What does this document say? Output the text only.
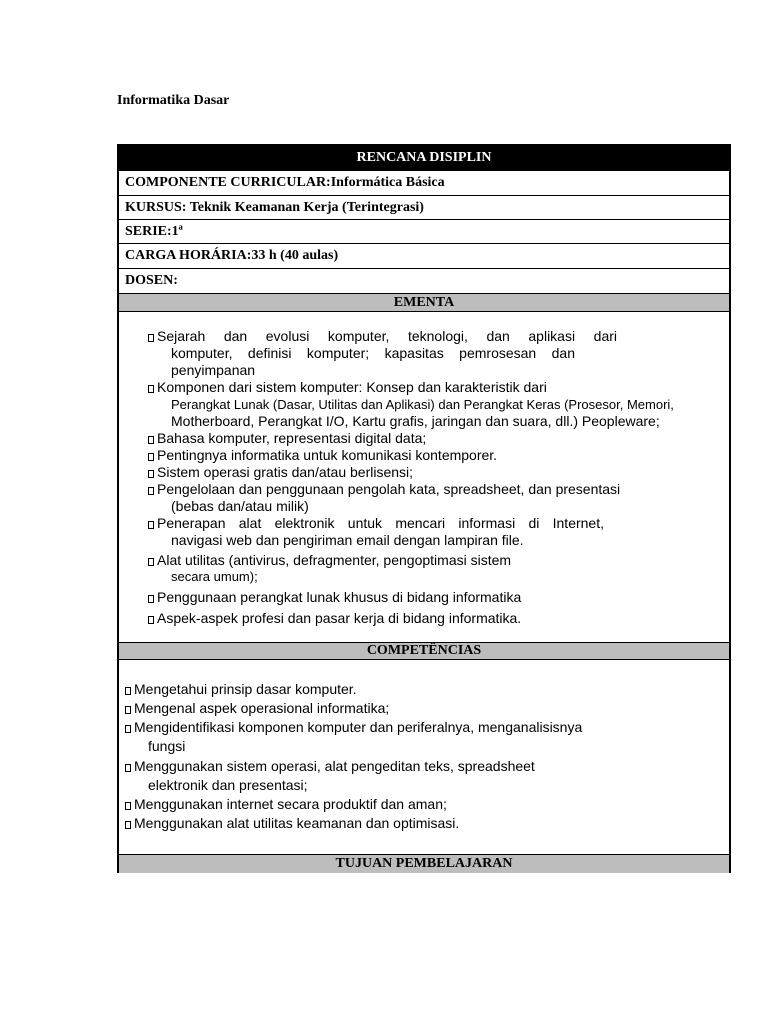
Informatika Dasar
RENCANA DISIPLIN
COMPONENTE CURRICULAR:Informática Básica
KURSUS: Teknik Keamanan Kerja (Terintegrasi)
SERIE:1ª
CARGA HORÁRIA:33 h (40 aulas)
DOSEN:
EMENTA
Sejarah dan evolusi komputer, teknologi, dan aplikasi dari
komputer, definisi komputer; kapasitas pemrosesan dan
penyimpanan
Komponen dari sistem komputer: Konsep dan karakteristik dari
Perangkat Lunak (Dasar, Utilitas dan Aplikasi) dan Perangkat Keras (Prosesor, Memori,
Motherboard, Perangkat I/O, Kartu grafis, jaringan dan suara, dll.) Peopleware;
Bahasa komputer, representasi digital data;
Pentingnya informatika untuk komunikasi kontemporer.
Sistem operasi gratis dan/atau berlisensi;
Pengelolaan dan penggunaan pengolah kata, spreadsheet, dan presentasi
(bebas dan/atau milik)
Penerapan alat elektronik untuk mencari informasi di Internet,
navigasi web dan pengiriman email dengan lampiran file.
Alat utilitas (antivirus, defragmenter, pengoptimasi sistem
secara umum);
Penggunaan perangkat lunak khusus di bidang informatika
Aspek-aspek profesi dan pasar kerja di bidang informatika.
COMPETÊNCIAS
Mengetahui prinsip dasar komputer.
Mengenal aspek operasional informatika;
Mengidentifikasi komponen komputer dan periferalnya, menganalisisnya
fungsi
Menggunakan sistem operasi, alat pengeditan teks, spreadsheet
elektronik dan presentasi;
Menggunakan internet secara produktif dan aman;
Menggunakan alat utilitas keamanan dan optimisasi.
TUJUAN PEMBELAJARAN
